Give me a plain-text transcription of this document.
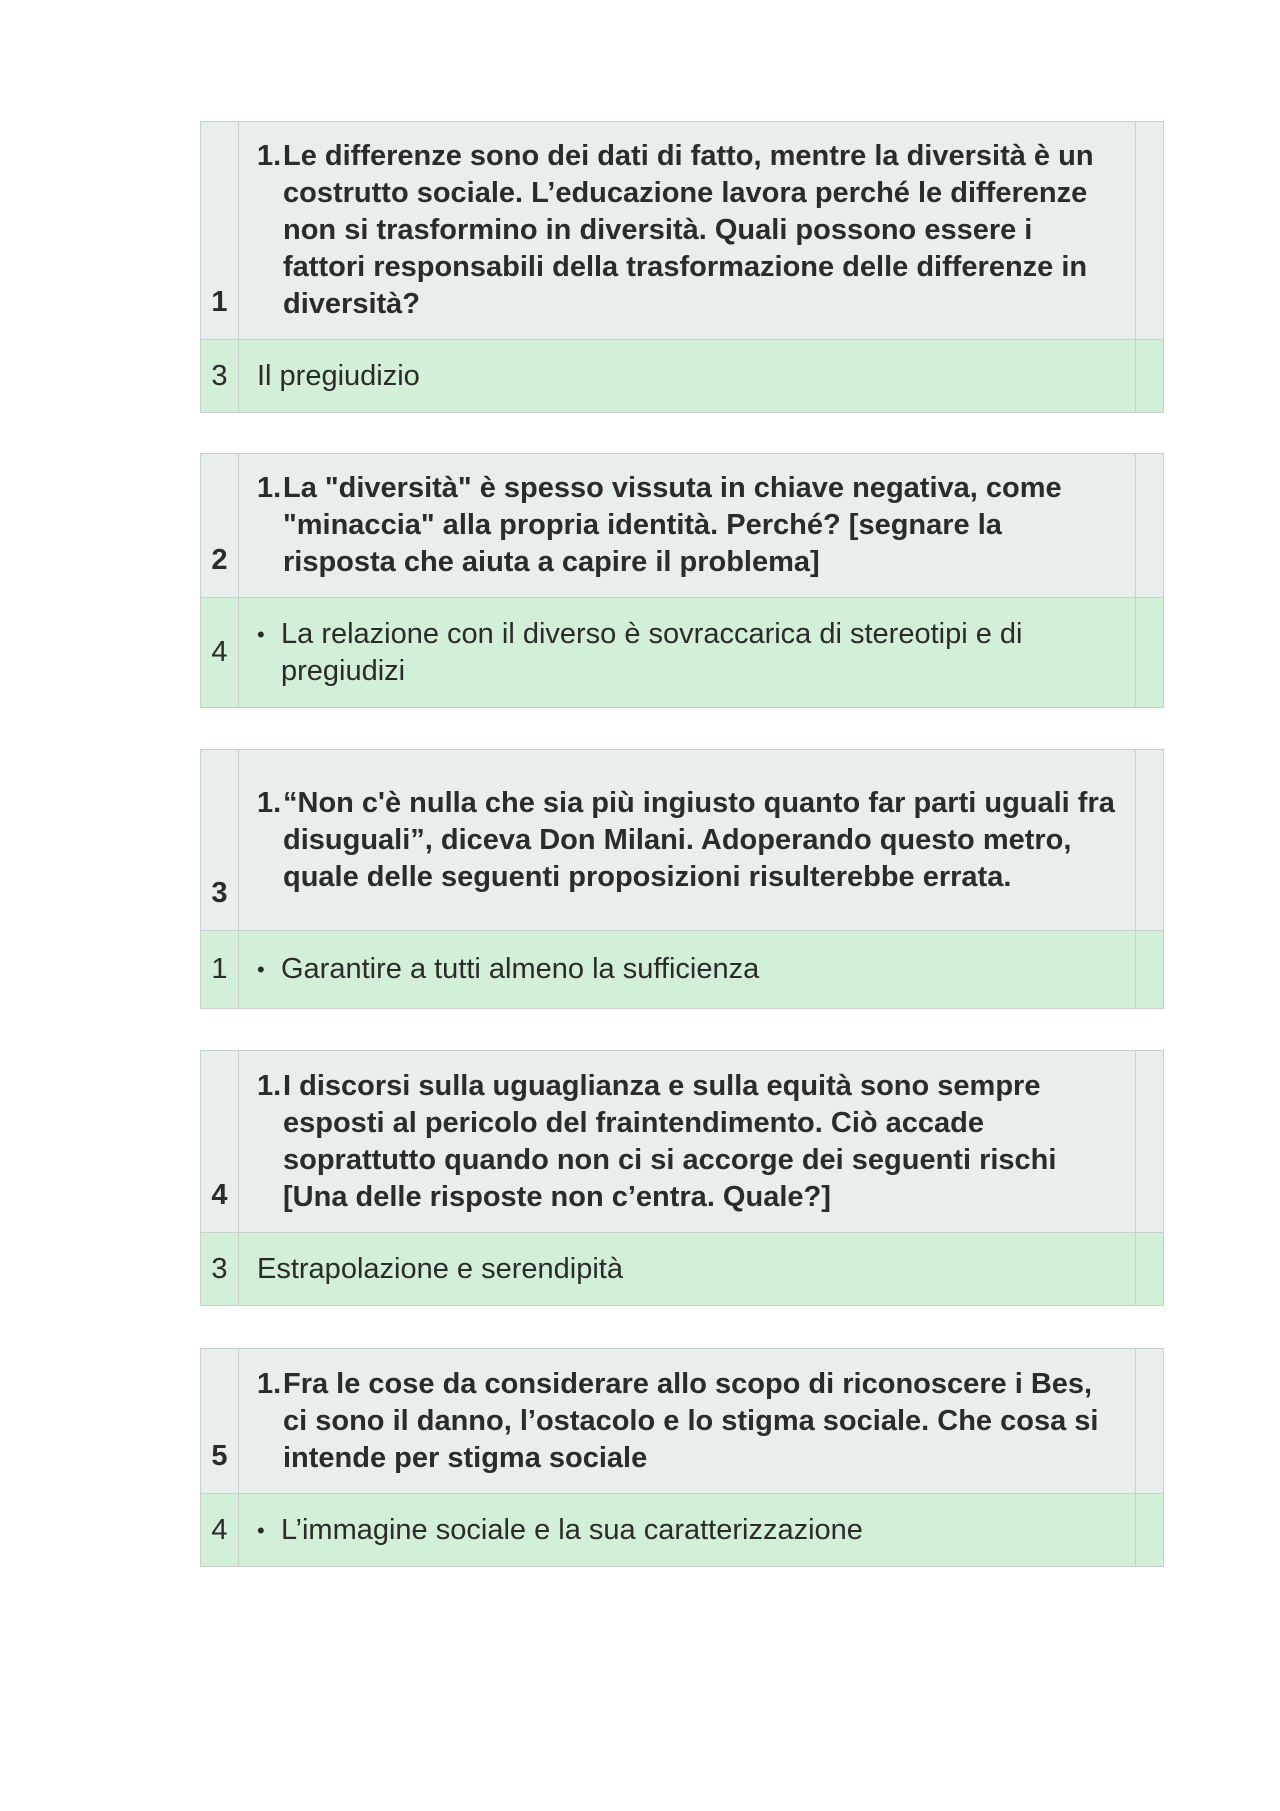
1	1. Le differenze sono dei dati di fatto, mentre la diversità è un costrutto sociale. L’educazione lavora perché le differenze non si trasformino in diversità. Quali possono essere i fattori responsabili della trasformazione delle differenze in diversità?	

3	Il pregiudizio	

2	1. La "diversità" è spesso vissuta in chiave negativa, come "minaccia" alla propria identità. Perché? [segnare la risposta che aiuta a capire il problema]	

4	• La relazione con il diverso è sovraccarica di stereotipi e di pregiudizi	

3	1. “Non c'è nulla che sia più ingiusto quanto far parti uguali fra disuguali”, diceva Don Milani. Adoperando questo metro, quale delle seguenti proposizioni risulterebbe errata.	

1	• Garantire a tutti almeno la sufficienza	

4	1. I discorsi sulla uguaglianza e sulla equità sono sempre esposti al pericolo del fraintendimento. Ciò accade soprattutto quando non ci si accorge dei seguenti rischi [Una delle risposte non c’entra. Quale?]	

3	Estrapolazione e serendipità	

5	1. Fra le cose da considerare allo scopo di riconoscere i Bes, ci sono il danno, l’ostacolo e lo stigma sociale. Che cosa si intende per stigma sociale	

4	• L’immagine sociale e la sua caratterizzazione	
